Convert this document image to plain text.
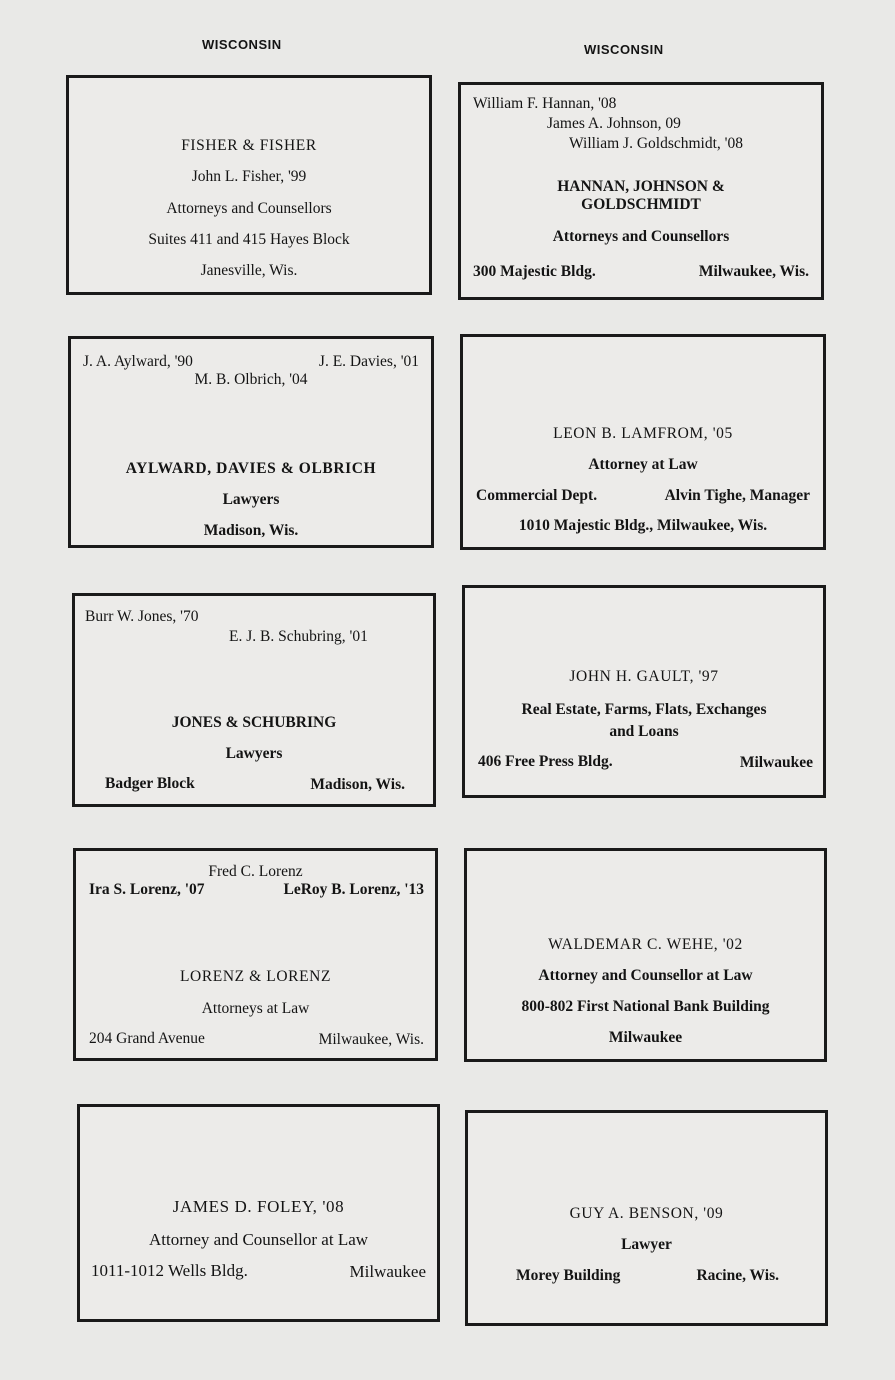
WISCONSIN	WISCONSIN
FISHER & FISHER
John L. Fisher, '99
Attorneys and Counsellors
Suites 411 and 415 Hayes Block
Janesville, Wis.
William F. Hannan, '08
James A. Johnson, 09
William J. Goldschmidt, '08
HANNAN, JOHNSON &
GOLDSCHMIDT
Attorneys and Counsellors
300 Majestic Bldg.	Milwaukee, Wis.
J. A. Aylward, '90	J. E. Davies, '01
M. B. Olbrich, '04
AYLWARD, DAVIES & OLBRICH
Lawyers
Madison, Wis.
LEON B. LAMFROM, '05
Attorney at Law
Commercial Dept.	Alvin Tighe, Manager
1010 Majestic Bldg., Milwaukee, Wis.
Burr W. Jones, '70
E. J. B. Schubring, '01
JONES & SCHUBRING
Lawyers
Badger Block	Madison, Wis.
JOHN H. GAULT, '97
Real Estate, Farms, Flats, Exchanges
and Loans
406 Free Press Bldg.	Milwaukee
Fred C. Lorenz
Ira S. Lorenz, '07	LeRoy B. Lorenz, '13
LORENZ & LORENZ
Attorneys at Law
204 Grand Avenue	Milwaukee, Wis.
WALDEMAR C. WEHE, '02
Attorney and Counsellor at Law
800-802 First National Bank Building
Milwaukee
JAMES D. FOLEY, '08
Attorney and Counsellor at Law
1011-1012 Wells Bldg.	Milwaukee
GUY A. BENSON, '09
Lawyer
Morey Building	Racine, Wis.
